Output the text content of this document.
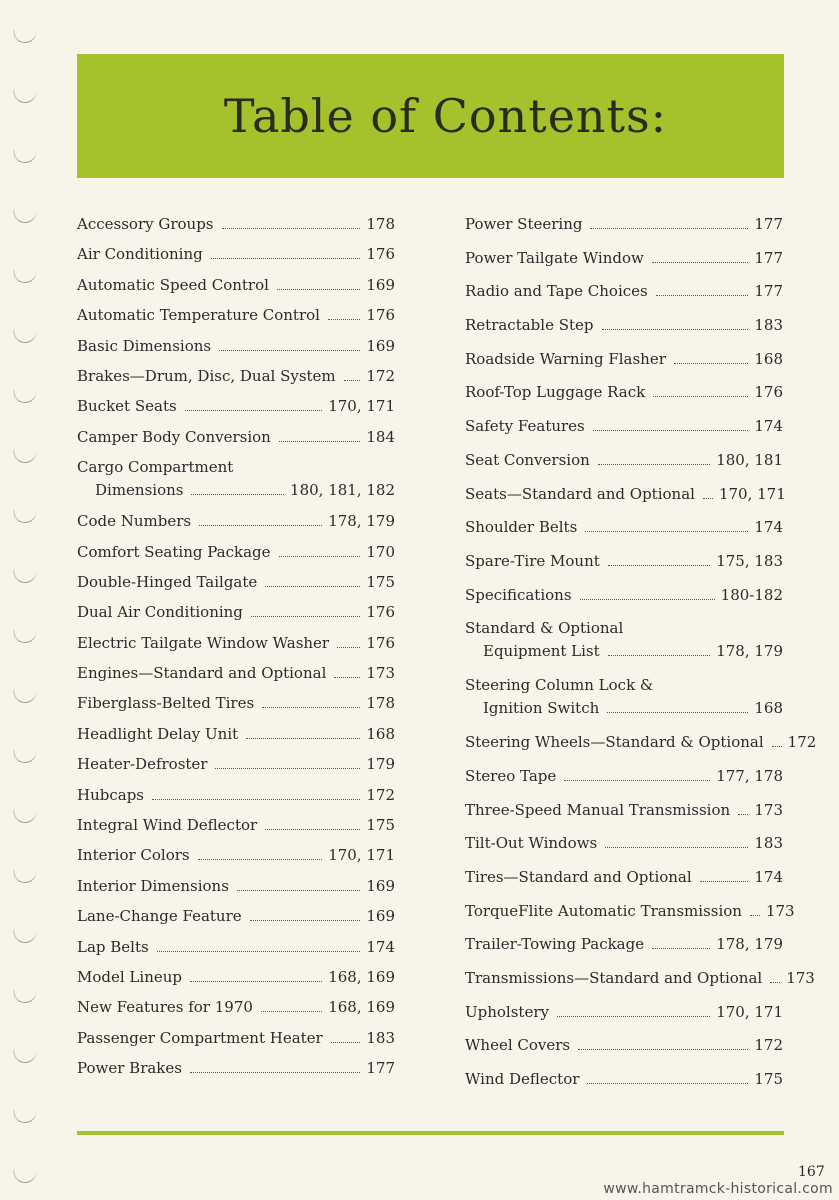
Table of Contents:
Accessory Groups	178
Air Conditioning	176
Automatic Speed Control	169
Automatic Temperature Control	176
Basic Dimensions	169
Brakes—Drum, Disc, Dual System 172
Bucket Seats	170, 171
Camper Body Conversion	184
Cargo Compartment
Dimensions	180, 181, 182
Code Numbers	178, 179
Comfort Seating Package	170
Double-Hinged Tailgate	175
Dual Air Conditioning	176
Electric Tailgate Window Washer 176
Engines—Standard and Optional	173
Fiberglass-Belted Tires	178
Headlight Delay Unit	168
Heater-Defroster	179
Hubcaps	172
Integral Wind Deflector	175
Interior Colors	170, 171
Interior Dimensions	169
Lane-Change Feature	169
Lap Belts	174
Model Lineup	168, 169
New Features for 1970	168, 169
Passenger Compartment Heater	183
Power Brakes	177
Power Steering	177
Power Tailgate Window	177
Radio and Tape Choices	177
Retractable Step	183
Roadside Warning Flasher	168
Roof-Top Luggage Rack	176
Safety Features	174
Seat Conversion	180, 181
Seats—Standard and Optional 170, 171
Shoulder Belts	174
Spare-Tire Mount	175, 183
Specifications	180-182
Standard & Optional
Equipment List	178, 179
Steering Column Lock &
Ignition Switch	168
Steering Wheels—Standard & Optional 172
Stereo Tape	177, 178
Three-Speed Manual Transmission 173
Tilt-Out Windows	183
Tires—Standard and Optional	174
TorqueFlite Automatic Transmission 173
Trailer-Towing Package	178, 179
Transmissions—Standard and Optional 173
Upholstery	170, 171
Wheel Covers	172
Wind Deflector	175
167
www.hamtramck-historical.com
